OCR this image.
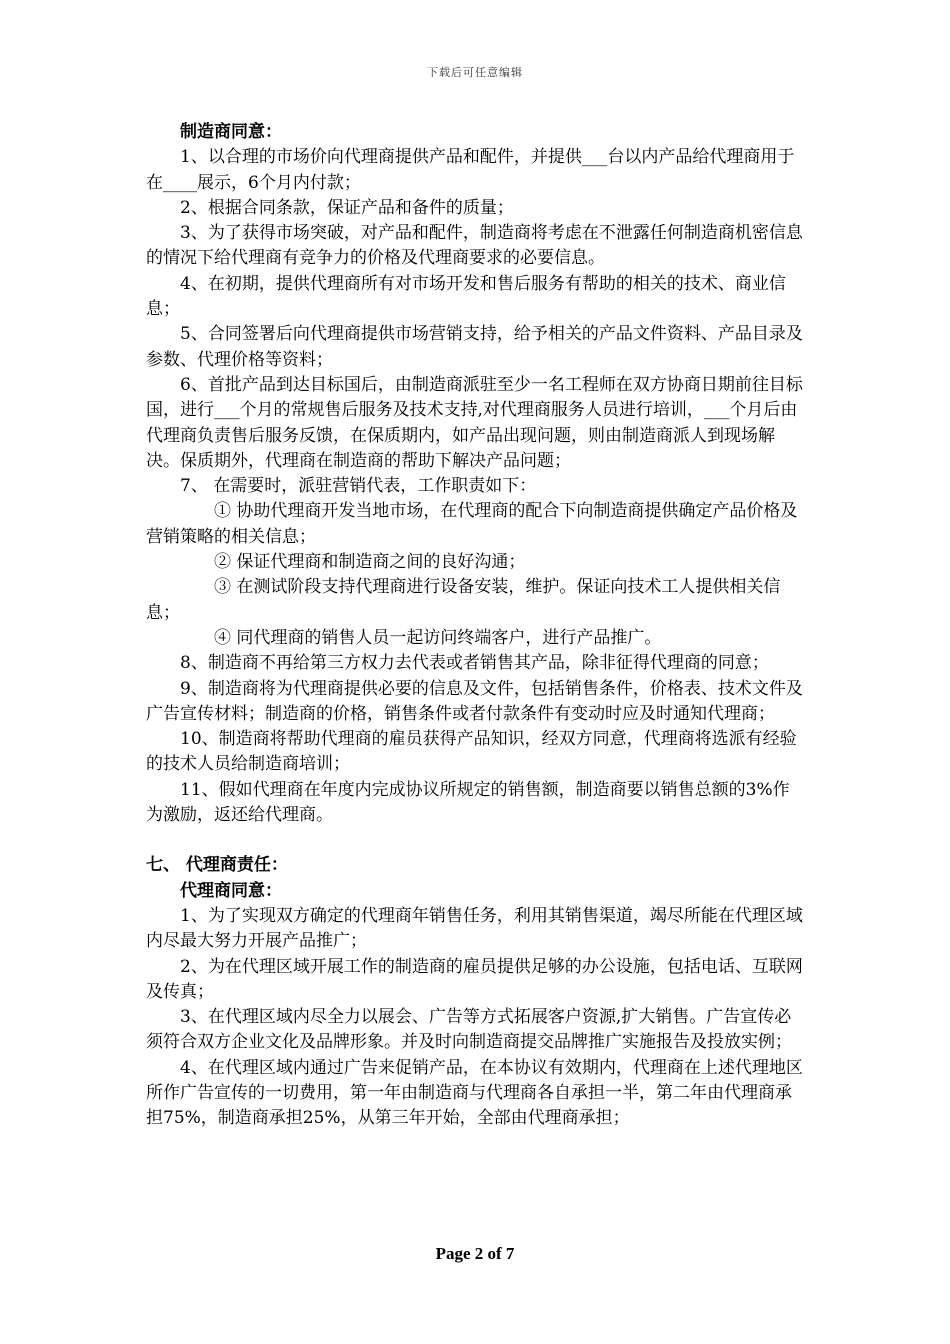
下载后可任意编辑

制造商同意：

1、以合理的市场价向代理商提供产品和配件，并提供___台以内产品给代理商用于在____展示，6个月内付款；

2、根据合同条款，保证产品和备件的质量；

3、为了获得市场突破，对产品和配件，制造商将考虑在不泄露任何制造商机密信息的情况下给代理商有竞争力的价格及代理商要求的必要信息。

4、在初期，提供代理商所有对市场开发和售后服务有帮助的相关的技术、商业信息；

5、合同签署后向代理商提供市场营销支持，给予相关的产品文件资料、产品目录及参数、代理价格等资料；

6、首批产品到达目标国后，由制造商派驻至少一名工程师在双方协商日期前往目标国，进行___个月的常规售后服务及技术支持,对代理商服务人员进行培训，___个月后由代理商负责售后服务反馈，在保质期内，如产品出现问题，则由制造商派人到现场解决。保质期外，代理商在制造商的帮助下解决产品问题；

7、 在需要时，派驻营销代表，工作职责如下：

① 协助代理商开发当地市场，在代理商的配合下向制造商提供确定产品价格及营销策略的相关信息；

② 保证代理商和制造商之间的良好沟通；

③ 在测试阶段支持代理商进行设备安装，维护。保证向技术工人提供相关信息；

④ 同代理商的销售人员一起访问终端客户，进行产品推广。

8、制造商不再给第三方权力去代表或者销售其产品，除非征得代理商的同意；

9、制造商将为代理商提供必要的信息及文件，包括销售条件，价格表、技术文件及广告宣传材料；制造商的价格，销售条件或者付款条件有变动时应及时通知代理商；

10、制造商将帮助代理商的雇员获得产品知识，经双方同意，代理商将选派有经验的技术人员给制造商培训；

11、假如代理商在年度内完成协议所规定的销售额，制造商要以销售总额的3%作为激励，返还给代理商。

七、 代理商责任：

代理商同意：

1、为了实现双方确定的代理商年销售任务，利用其销售渠道，竭尽所能在代理区域内尽最大努力开展产品推广；

2、为在代理区域开展工作的制造商的雇员提供足够的办公设施，包括电话、互联网及传真；

3、在代理区域内尽全力以展会、广告等方式拓展客户资源,扩大销售。广告宣传必须符合双方企业文化及品牌形象。并及时向制造商提交品牌推广实施报告及投放实例；

4、在代理区域内通过广告来促销产品，在本协议有效期内，代理商在上述代理地区所作广告宣传的一切费用，第一年由制造商与代理商各自承担一半，第二年由代理商承担75%，制造商承担25%，从第三年开始，全部由代理商承担；

Page 2 of 7
